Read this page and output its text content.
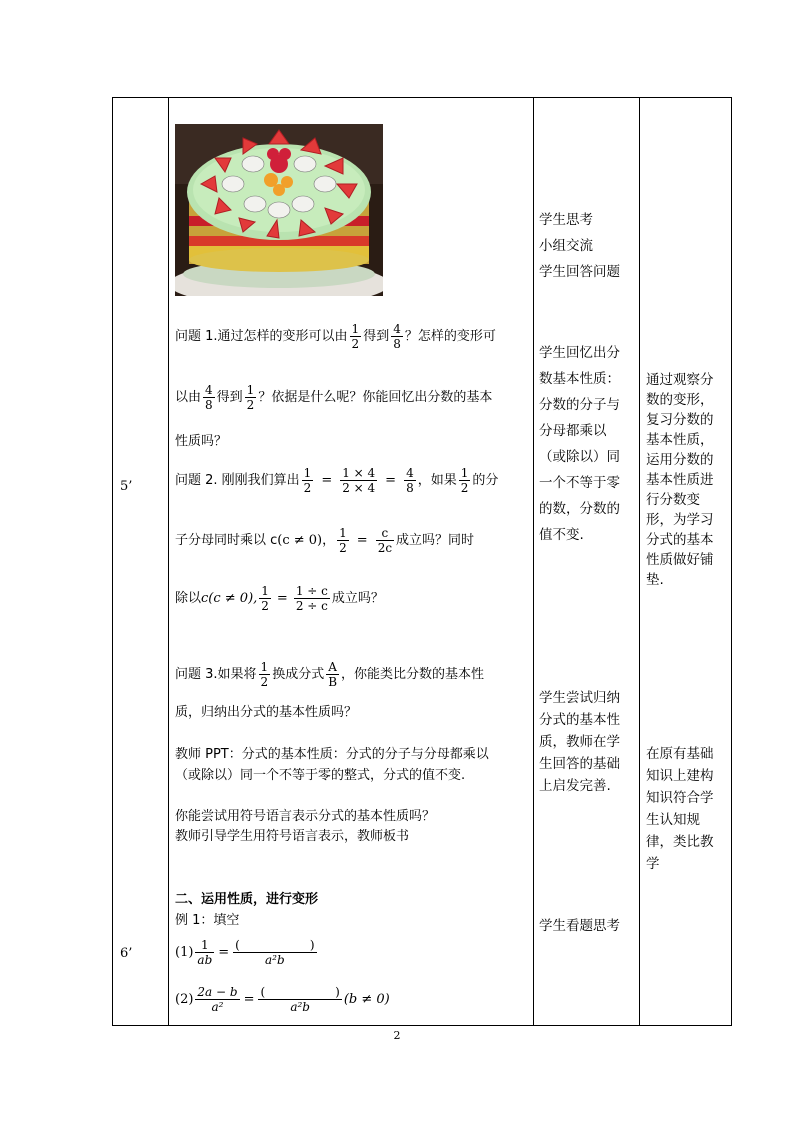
5’
6’
问题 1.通过怎样的变形可以由 $\frac{1}{2}$ 得到 $\frac{4}{8}$ ？怎样的变形可
以由 $\frac{4}{8}$ 得到 $\frac{1}{2}$ ？依据是什么呢？你能回忆出分数的基本
性质吗？
问题 2. 刚刚我们算出 $\frac{1}{2} = \frac{1 \times 4}{2 \times 4} = \frac{4}{8}$ ，如果 $\frac{1}{2}$ 的分
子分母同时乘以 c(c ≠ 0)， $\frac{1}{2} = \frac{c}{2c}$ 成立吗？同时
除以c(c ≠ 0), $\frac{1}{2} = \frac{1 \div c}{2 \div c}$ 成立吗？
问题 3.如果将 $\frac{1}{2}$ 换成分式 $\frac{A}{B}$ ，你能类比分数的基本性
质，归纳出分式的基本性质吗？
教师 PPT：分式的基本性质：分式的分子与分母都乘以
（或除以）同一个不等于零的整式，分式的值不变.
你能尝试用符号语言表示分式的基本性质吗？
教师引导学生用符号语言表示，教师板书
二、运用性质，进行变形
例 1：填空
$(1) \frac{1}{ab}$ = (	)
a²b
$(2) \frac{2a - b}{\text{a²}}$ = (	)
a²b (b ≠ 0)
学生思考
小组交流
学生回答问题
学生回忆出分
数基本性质：
分数的分子与
分母都乘以
（或除以）同
一个不等于零
的数，分数的
值不变.
学生尝试归纳
分式的基本性
质，教师在学
生回答的基础
上启发完善.
学生看题思考
通过观察分
数的变形，
复习分数的
基本性质，
运用分数的
基本性质进
行分数变
形，为学习
分式的基本
性质做好铺
垫.
在原有基础
知识上建构
知识符合学
生认知规
律，类比教
学
2
